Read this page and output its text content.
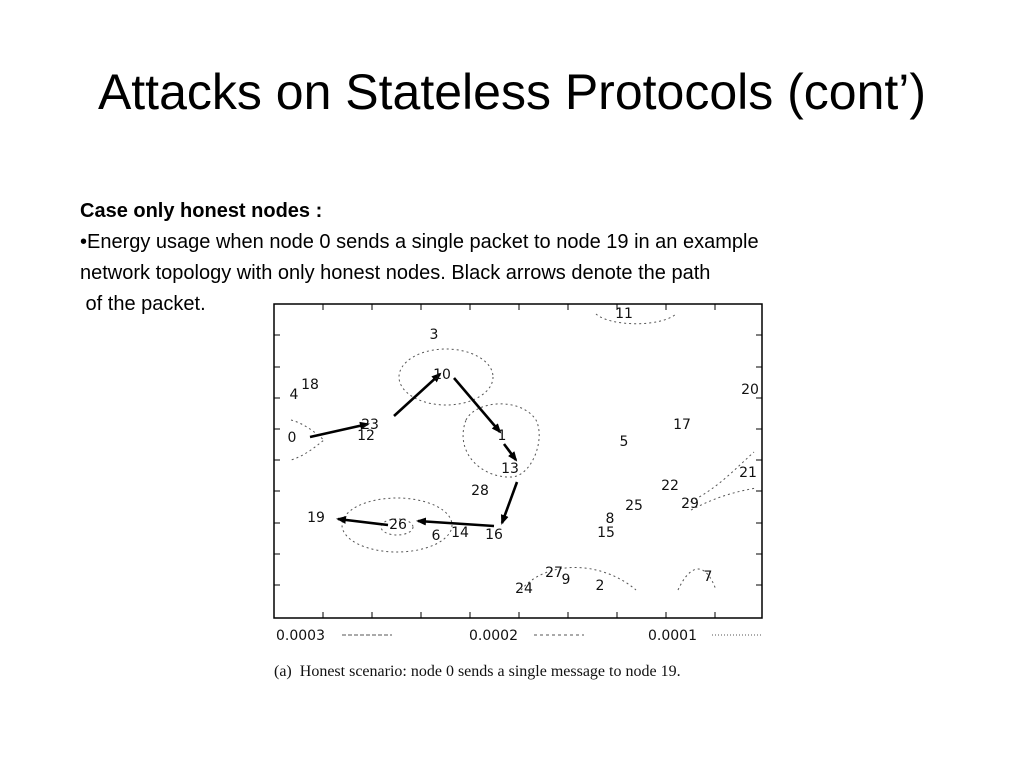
Attacks on Stateless Protocols (cont’)
Case only honest nodes :
•Energy usage when node 0 sends a single packet to node 19 in an example
network topology with only honest nodes. Black arrows denote the path
of the packet.
0	1
2
3
4
5
6
7
8
9
10
11
12
13
14	15
16
17
18
19
20
21
22
23
24
25
26
27
28
29
0.0003	0.0002	0.0001
(a)  Honest scenario: node 0 sends a single message to node 19.
